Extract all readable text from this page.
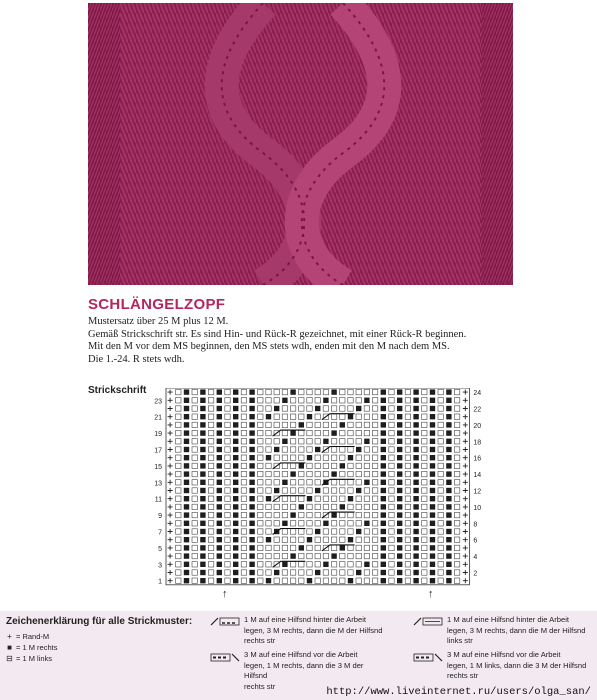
SCHLÄNGELZOPF
Mustersatz über 25 M plus 12 M.
Gemäß Strickschrift str. Es sind Hin- und Rück-R gezeichnet, mit einer Rück-R beginnen.
Mit den M vor dem MS beginnen, den MS stets wdh, enden mit den M nach dem MS.
Die 1.-24. R stets wdh.
Strickschrift
1
3
5
7
9
11
13
15
17
19
21
23
2
4
6
8
10
12
14
16
18
20
22
24
↑	↑
Zeichenerklärung für alle Strickmuster:
+ = Rand-M
■ = 1 M rechts
⊟ = 1 M links
1 M auf eine Hilfsnd hinter die Arbeit
legen, 3 M rechts, dann die M der Hilfsnd
rechts str
3 M auf eine Hilfsnd vor die Arbeit
legen, 1 M rechts, dann die 3 M der Hilfsnd
rechts str
1 M auf eine Hilfsnd hinter die Arbeit
legen, 3 M rechts, dann die M der Hilfsnd
links str
3 M auf eine Hilfsnd vor die Arbeit
legen, 1 M links, dann die 3 M der Hilfsnd
rechts str
http://www.liveinternet.ru/users/olga_san/
